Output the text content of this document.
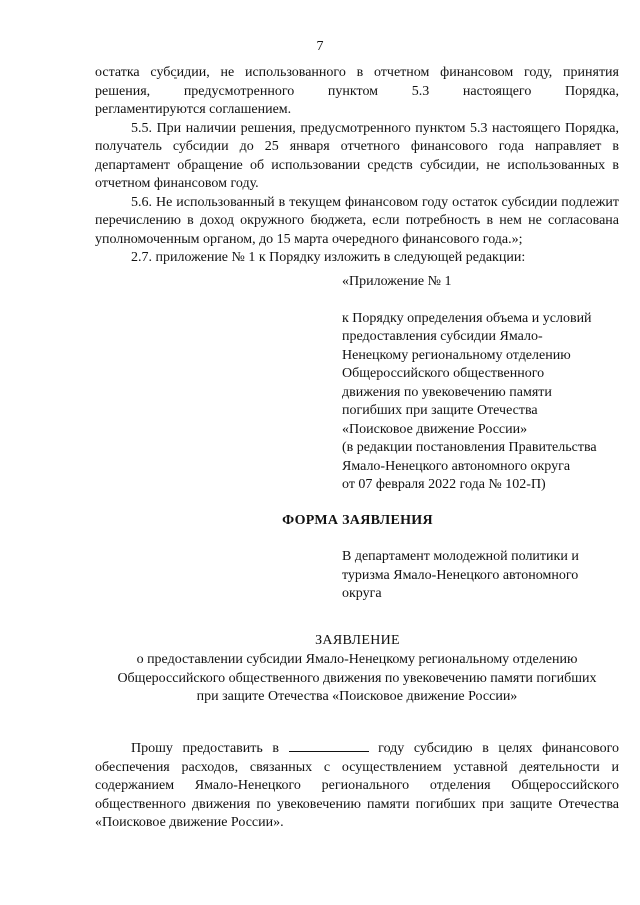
7

остатка субсидии, не использованного в отчетном финансовом году, принятия

решения, предусмотренного пунктом 5.3 настоящего Порядка,

регламентируются соглашением.

5.5. При наличии решения, предусмотренного пунктом 5.3 настоящего Порядка, получатель субсидии до 25 января отчетного финансового года направляет в департамент обращение об использовании средств субсидии, не использованных в отчетном финансовом году.

5.6. Не использованный в текущем финансовом году остаток субсидии подлежит перечислению в доход окружного бюджета, если потребность в нем не согласована уполномоченным органом, до 15 марта очередного финансового года.»;

2.7. приложение № 1 к Порядку изложить в следующей редакции:

«Приложение № 1

к Порядку определения объема и условий

предоставления субсидии Ямало-

Ненецкому региональному отделению

Общероссийского общественного

движения по увековечению памяти

погибших при защите Отечества

«Поисковое движение России»

(в редакции постановления Правительства

Ямало-Ненецкого автономного округа

от 07 февраля 2022 года № 102-П)

ФОРМА ЗАЯВЛЕНИЯ

В департамент молодежной политики и

туризма Ямало-Ненецкого автономного

округа

ЗАЯВЛЕНИЕ

о предоставлении субсидии Ямало-Ненецкому региональному отделению

Общероссийского общественного движения по увековечению памяти погибших

при защите Отечества «Поисковое движение России»

Прошу предоставить в	году субсидию в целях финансового обеспечения расходов, связанных с осуществлением уставной деятельности и содержанием Ямало-Ненецкого регионального отделения Общероссийского общественного движения по увековечению памяти погибших при защите Отечества «Поисковое движение России».
